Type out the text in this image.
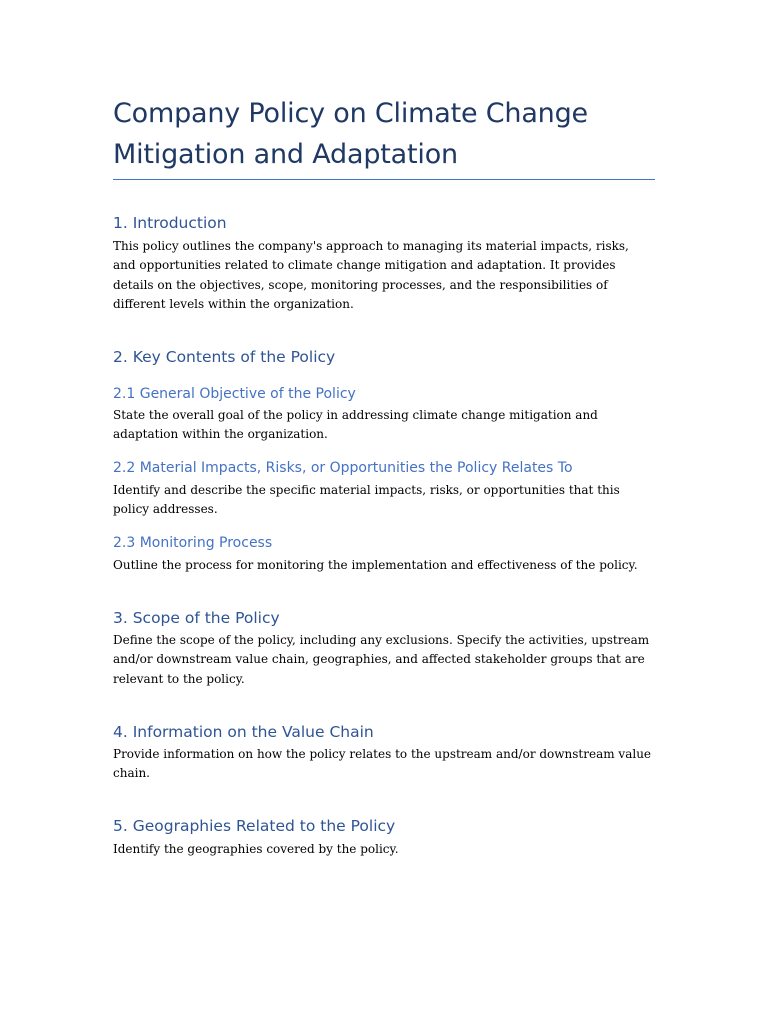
Company Policy on Climate Change Mitigation and Adaptation
1. Introduction

This policy outlines the company's approach to managing its material impacts, risks, and opportunities related to climate change mitigation and adaptation. It provides details on the objectives, scope, monitoring processes, and the responsibilities of different levels within the organization.

2. Key Contents of the Policy
2.1 General Objective of the Policy

State the overall goal of the policy in addressing climate change mitigation and adaptation within the organization.

2.2 Material Impacts, Risks, or Opportunities the Policy Relates To

Identify and describe the specific material impacts, risks, or opportunities that this policy addresses.

2.3 Monitoring Process

Outline the process for monitoring the implementation and effectiveness of the policy.

3. Scope of the Policy

Define the scope of the policy, including any exclusions. Specify the activities, upstream and/or downstream value chain, geographies, and affected stakeholder groups that are relevant to the policy.

4. Information on the Value Chain

Provide information on how the policy relates to the upstream and/or downstream value chain.

5. Geographies Related to the Policy

Identify the geographies covered by the policy.
